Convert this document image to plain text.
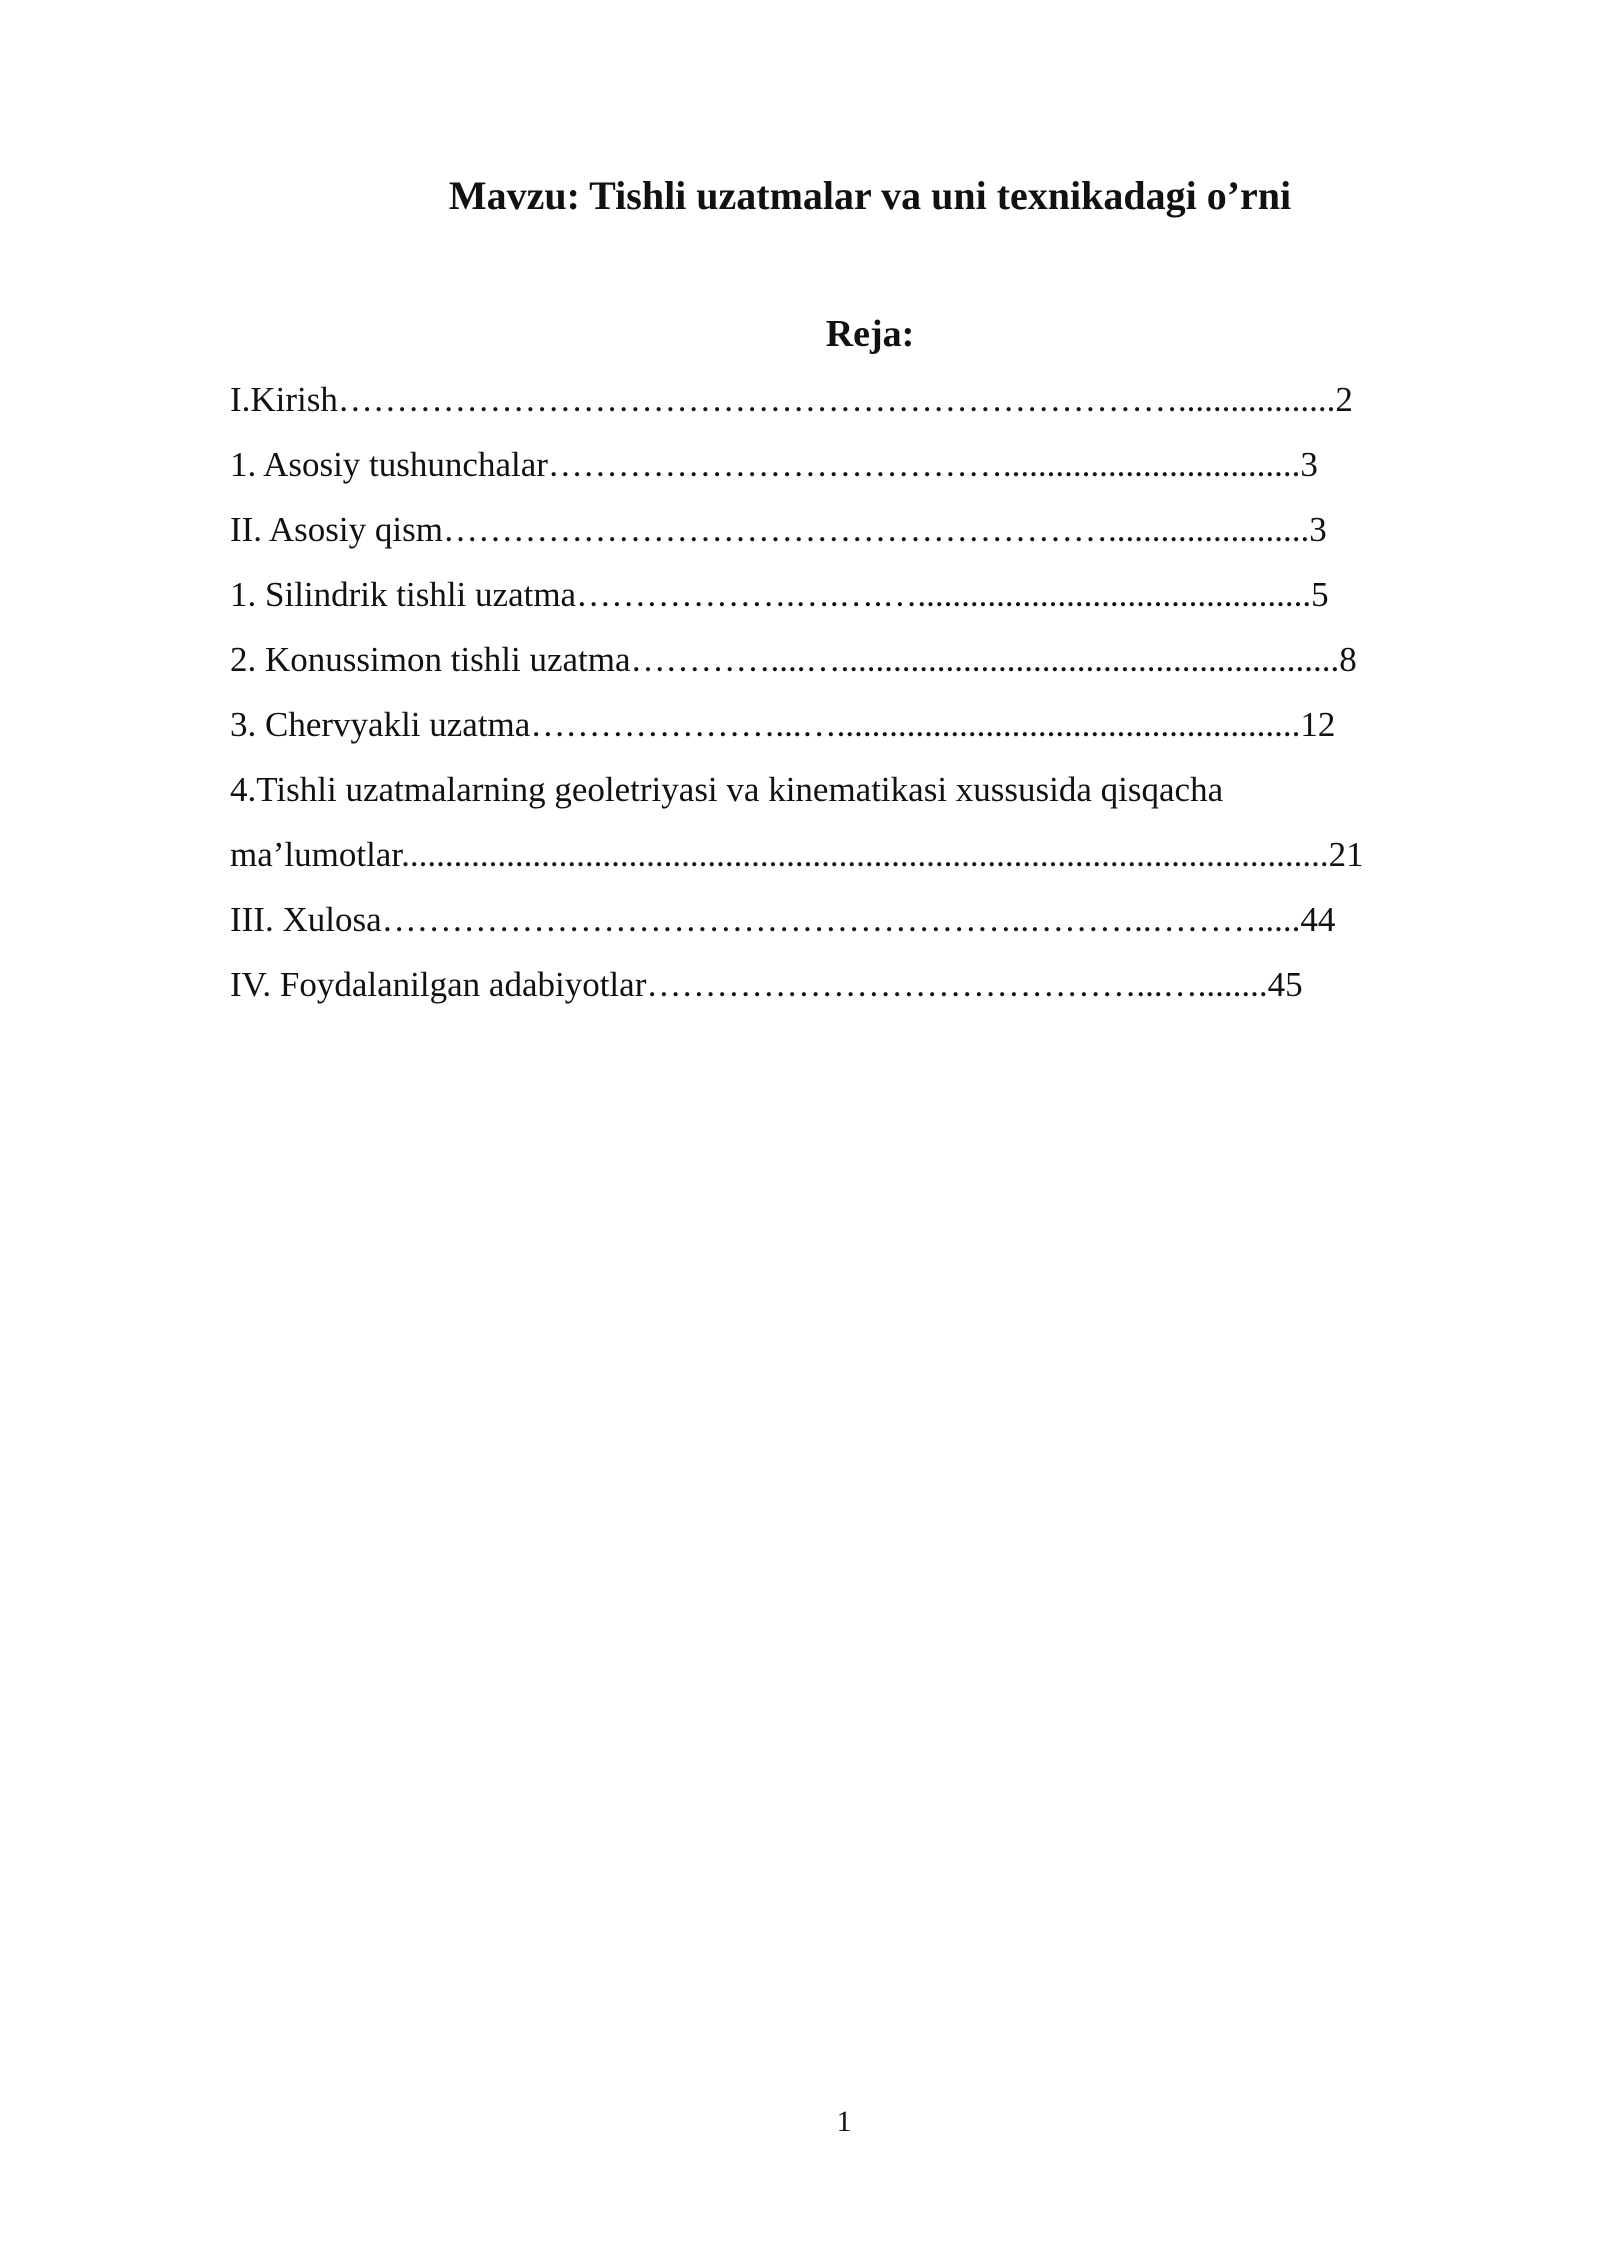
Mavzu: Tishli uzatmalar va uni texnikadagi o’rni
Reja:
I.Kirish………………………………………………………………..................2
1. Asosiy tushunchalar…………………………………..................................3
II. Asosiy qism………………………………………………….......................3
1. Silindrik tishli uzatma……………….….….….............................................5
2. Konussimon tishli uzatma…………....….........................................................8
3. Chervyakli uzatma…………………...….....................................................12
4.Tishli uzatmalarning geoletriyasi va kinematikasi xussusida qisqacha
ma’lumotlar..........................................................................................................21
III. Xulosa………………………………………………..………..……….....44
IV. Foydalanilgan adabiyotlar……………………………………...…........45
1
